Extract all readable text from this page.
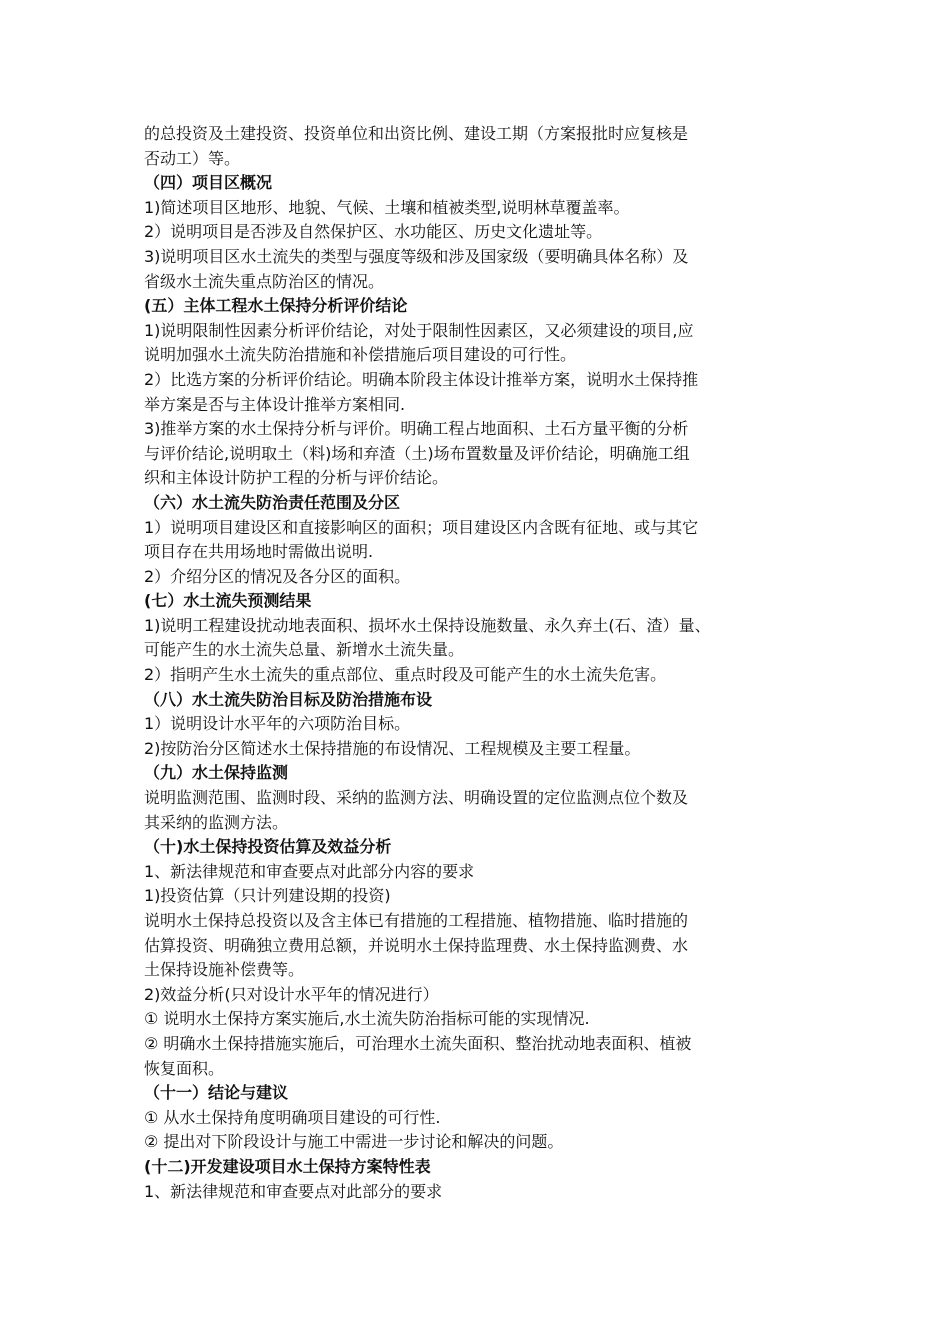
的总投资及土建投资、投资单位和出资比例、建设工期（方案报批时应复核是
否动工）等。
（四）项目区概况
1)简述项目区地形、地貌、气候、土壤和植被类型,说明林草覆盖率。
2）说明项目是否涉及自然保护区、水功能区、历史文化遗址等。
3)说明项目区水土流失的类型与强度等级和涉及国家级（要明确具体名称）及
省级水土流失重点防治区的情况。
(五）主体工程水土保持分析评价结论
1)说明限制性因素分析评价结论，对处于限制性因素区，又必须建设的项目,应
说明加强水土流失防治措施和补偿措施后项目建设的可行性。
2）比选方案的分析评价结论。明确本阶段主体设计推举方案，说明水土保持推
举方案是否与主体设计推举方案相同.
3)推举方案的水土保持分析与评价。明确工程占地面积、土石方量平衡的分析
与评价结论,说明取土（料)场和弃渣（土)场布置数量及评价结论，明确施工组
织和主体设计防护工程的分析与评价结论。
（六）水土流失防治责任范围及分区
1）说明项目建设区和直接影响区的面积；项目建设区内含既有征地、或与其它
项目存在共用场地时需做出说明.
2）介绍分区的情况及各分区的面积。
(七）水土流失预测结果
1)说明工程建设扰动地表面积、损坏水土保持设施数量、永久弃土(石、渣）量、
可能产生的水土流失总量、新增水土流失量。
2）指明产生水土流失的重点部位、重点时段及可能产生的水土流失危害。
（八）水土流失防治目标及防治措施布设
1）说明设计水平年的六项防治目标。
2)按防治分区简述水土保持措施的布设情况、工程规模及主要工程量。
（九）水土保持监测
说明监测范围、监测时段、采纳的监测方法、明确设置的定位监测点位个数及
其采纳的监测方法。
（十)水土保持投资估算及效益分析
1、新法律规范和审查要点对此部分内容的要求
1)投资估算（只计列建设期的投资)
说明水土保持总投资以及含主体已有措施的工程措施、植物措施、临时措施的
估算投资、明确独立费用总额，并说明水土保持监理费、水土保持监测费、水
土保持设施补偿费等。
2)效益分析(只对设计水平年的情况进行）
① 说明水土保持方案实施后,水土流失防治指标可能的实现情况.
② 明确水土保持措施实施后，可治理水土流失面积、整治扰动地表面积、植被
恢复面积。
（十一）结论与建议
① 从水土保持角度明确项目建设的可行性.
② 提出对下阶段设计与施工中需进一步讨论和解决的问题。
(十二)开发建设项目水土保持方案特性表
1、新法律规范和审查要点对此部分的要求
